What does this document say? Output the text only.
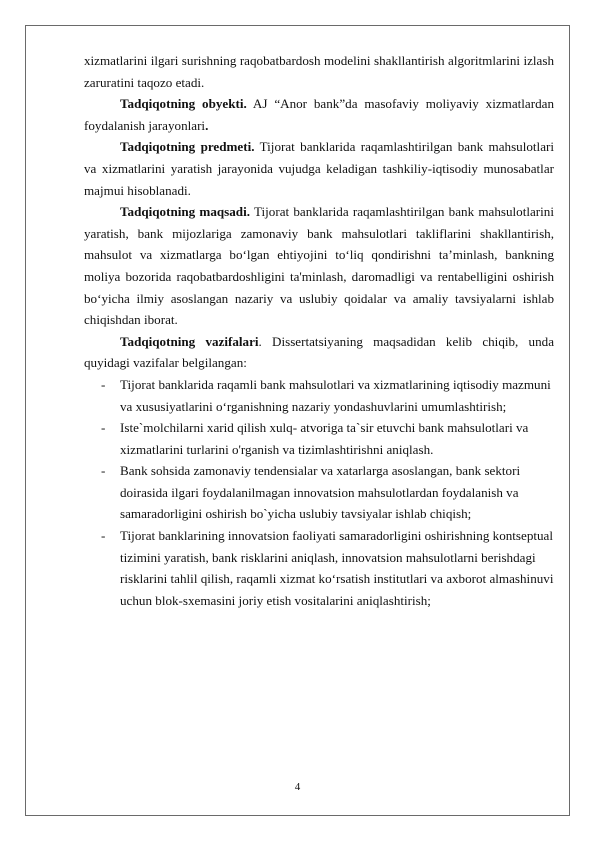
xizmatlarini ilgari surishning raqobatbardosh modelini shakllantirish algoritmlarini izlash zaruratini taqozo etadi.

Tadqiqotning obyekti. AJ “Anor bank”da masofaviy moliyaviy xizmatlardan foydalanish jarayonlari.

Tadqiqotning predmeti. Tijorat banklarida raqamlashtirilgan bank mahsulotlari va xizmatlarini yaratish jarayonida vujudga keladigan tashkiliy-iqtisodiy munosabatlar majmui hisoblanadi.

Tadqiqotning maqsadi. Tijorat banklarida raqamlashtirilgan bank mahsulotlarini yaratish, bank mijozlariga zamonaviy bank mahsulotlari takliflarini shakllantirish, mahsulot va xizmatlarga bo‘lgan ehtiyojini to‘liq qondirishni ta’minlash, bankning moliya bozorida raqobatbardoshligini ta'minlash, daromadligi va rentabelligini oshirish bo‘yicha ilmiy asoslangan nazariy va uslubiy qoidalar va amaliy tavsiyalarni ishlab chiqishdan iborat.

Tadqiqotning vazifalari. Dissertatsiyaning maqsadidan kelib chiqib, unda quyidagi vazifalar belgilangan:

- Tijorat banklarida raqamli bank mahsulotlari va xizmatlarining iqtisodiy mazmuni va xususiyatlarini o‘rganishning nazariy yondashuvlarini umumlashtirish;
- Iste`molchilarni xarid qilish xulq- atvoriga ta`sir etuvchi bank mahsulotlari va xizmatlarini turlarini o'rganish va tizimlashtirishni aniqlash.
- Bank sohsida zamonaviy tendensialar va xatarlarga asoslangan, bank sektori doirasida ilgari foydalanilmagan innovatsion mahsulotlardan foydalanish va samaradorligini oshirish bo`yicha uslubiy tavsiyalar ishlab chiqish;
- Tijorat banklarining innovatsion faoliyati samaradorligini oshirishning kontseptual tizimini yaratish, bank risklarini aniqlash, innovatsion mahsulotlarni berishdagi risklarini tahlil qilish, raqamli xizmat ko‘rsatish institutlari va axborot almashinuvi uchun blok-sxemasini joriy etish vositalarini aniqlashtirish;
4
